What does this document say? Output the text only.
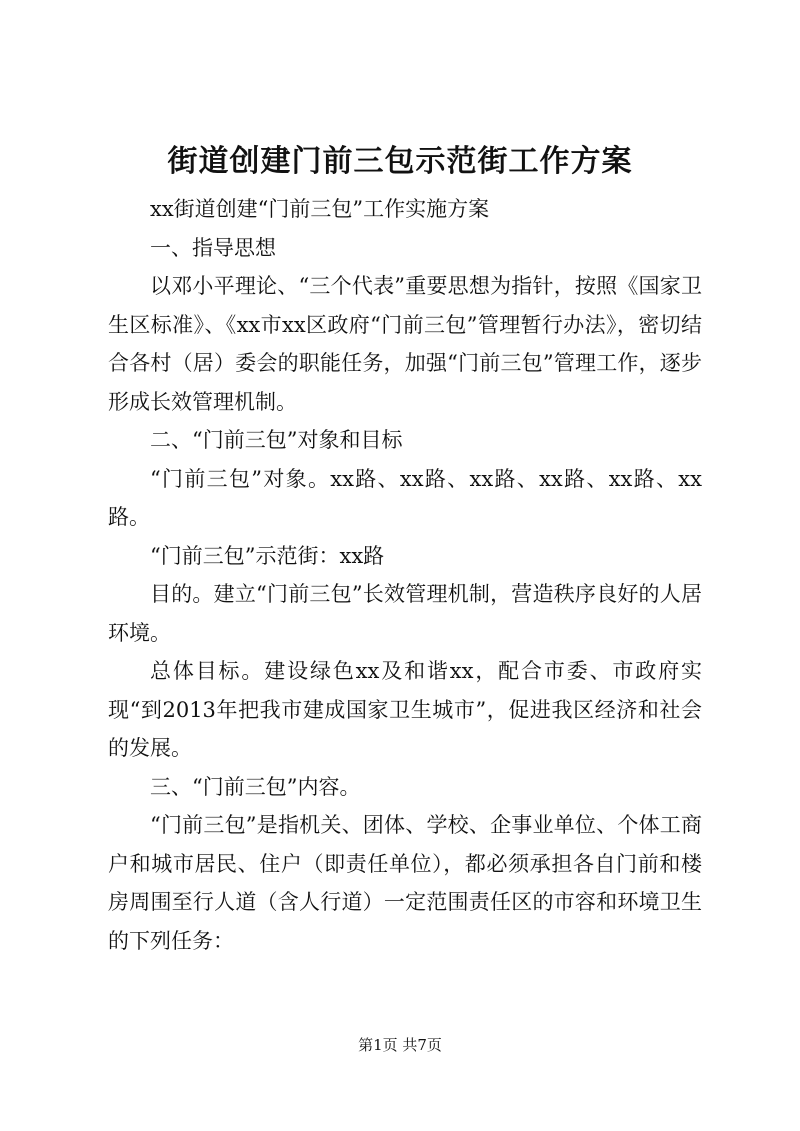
街道创建门前三包示范街工作方案

xx街道创建“门前三包”工作实施方案

一、指导思想

以邓小平理论、“三个代表”重要思想为指针，按照《国家卫生区标准》、《xx市xx区政府“门前三包”管理暂行办法》，密切结合各村（居）委会的职能任务，加强“门前三包”管理工作，逐步形成长效管理机制。

二、“门前三包”对象和目标

“门前三包”对象。xx路、xx路、xx路、xx路、xx路、xx路。

“门前三包”示范街：xx路

目的。建立“门前三包”长效管理机制，营造秩序良好的人居环境。

总体目标。建设绿色xx及和谐xx，配合市委、市政府实现“到2013年把我市建成国家卫生城市”，促进我区经济和社会的发展。

三、“门前三包”内容。

“门前三包”是指机关、团体、学校、企事业单位、个体工商户和城市居民、住户（即责任单位），都必须承担各自门前和楼房周围至行人道（含人行道）一定范围责任区的市容和环境卫生的下列任务：

第1页 共7页
